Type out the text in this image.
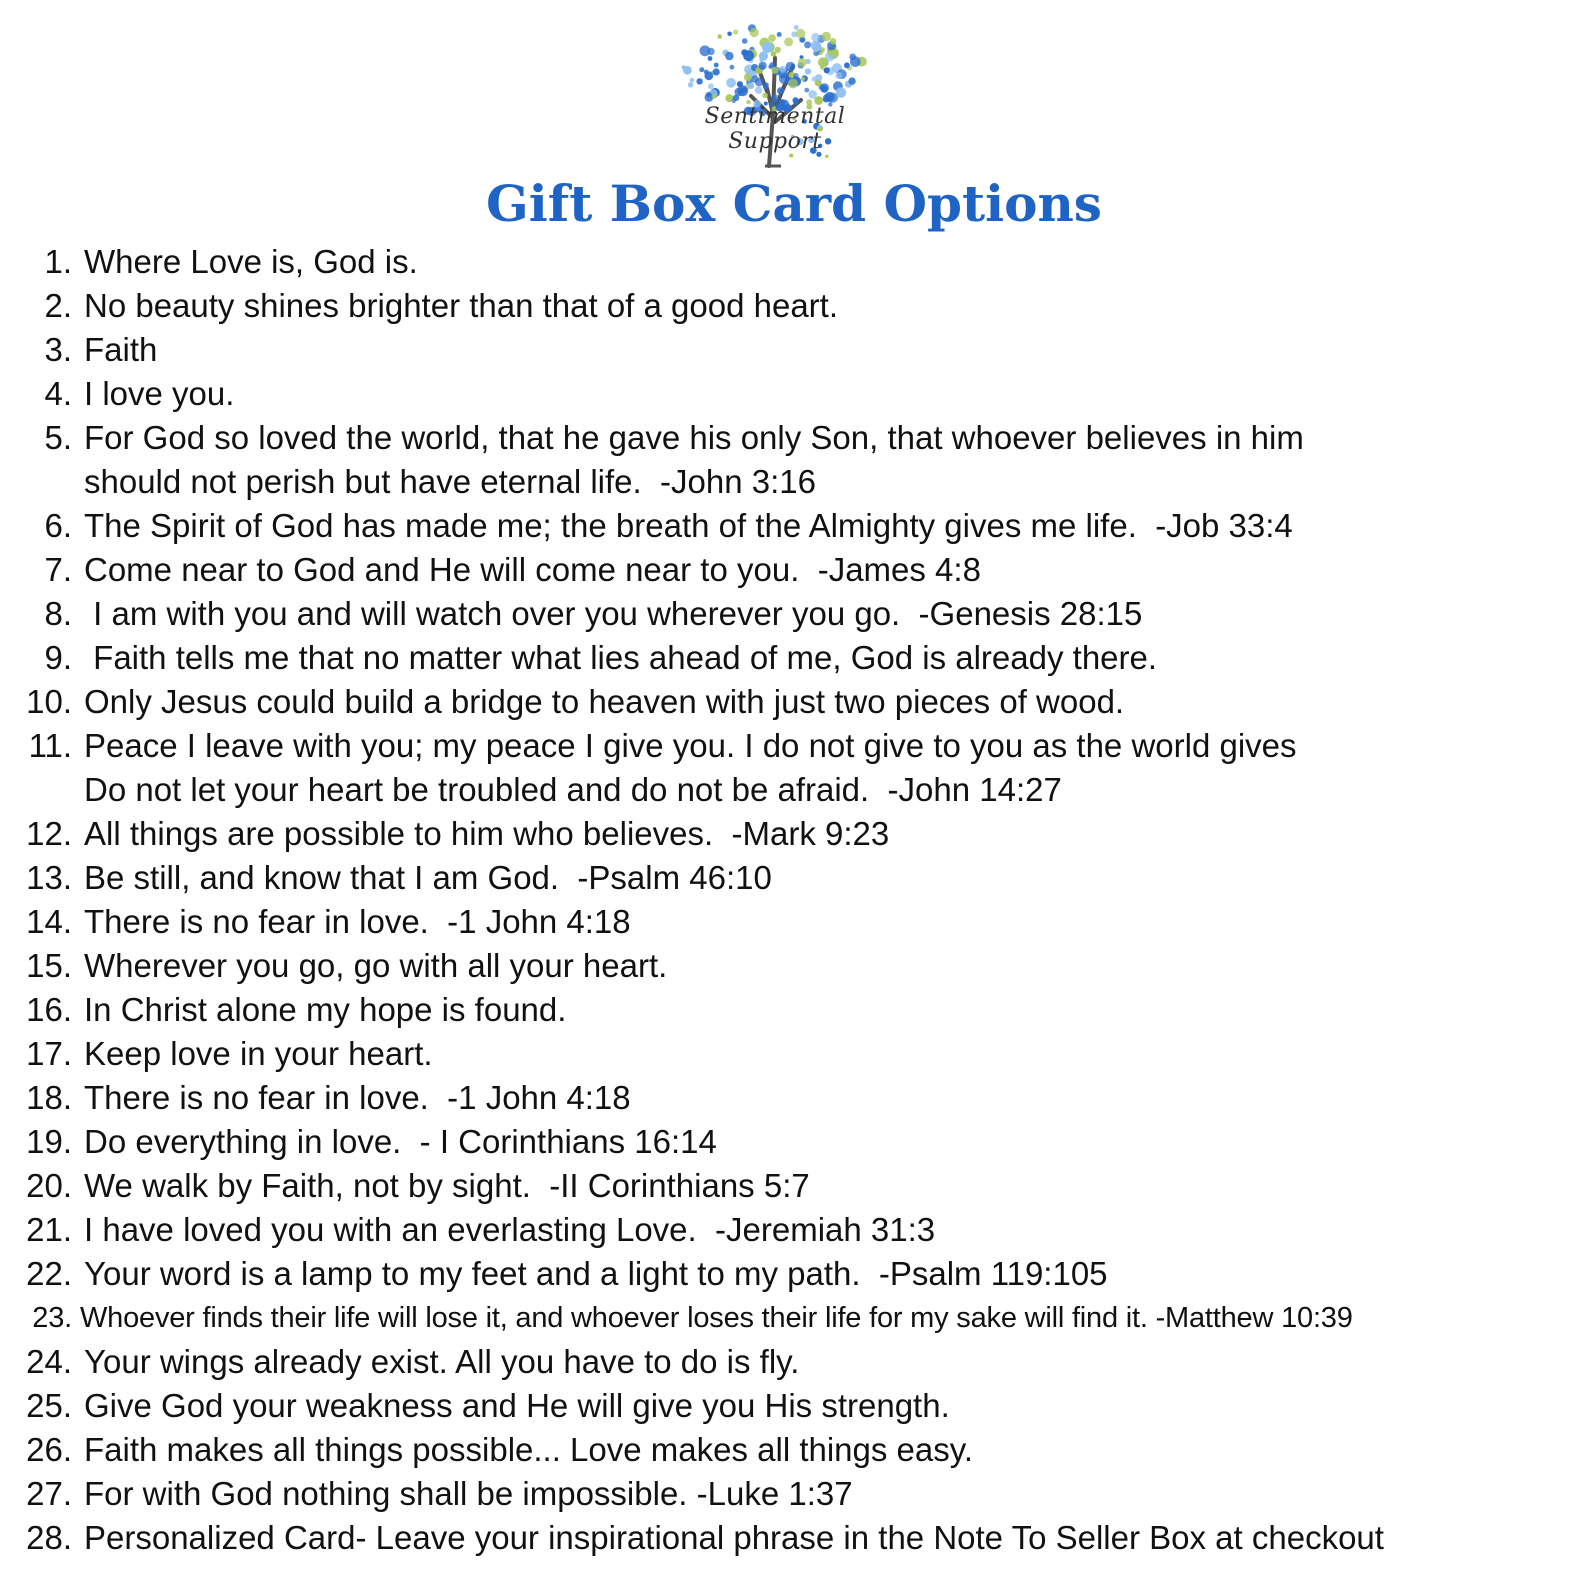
Sentimental Support
Gift Box Card Options
1. Where Love is, God is.
2. No beauty shines brighter than that of a good heart.
3. Faith
4. I love you.
5. For God so loved the world, that he gave his only Son, that whoever believes in him
should not perish but have eternal life.  -John 3:16
6. The Spirit of God has made me; the breath of the Almighty gives me life.  -Job 33:4
7. Come near to God and He will come near to you.  -James 4:8
8. I am with you and will watch over you wherever you go.  -Genesis 28:15
9. Faith tells me that no matter what lies ahead of me, God is already there.
10. Only Jesus could build a bridge to heaven with just two pieces of wood.
11. Peace I leave with you; my peace I give you. I do not give to you as the world gives
Do not let your heart be troubled and do not be afraid.  -John 14:27
12. All things are possible to him who believes.  -Mark 9:23
13. Be still, and know that I am God.  -Psalm 46:10
14. There is no fear in love.  -1 John 4:18
15. Wherever you go, go with all your heart.
16. In Christ alone my hope is found.
17. Keep love in your heart.
18. There is no fear in love.  -1 John 4:18
19. Do everything in love.  - I Corinthians 16:14
20. We walk by Faith, not by sight.  -II Corinthians 5:7
21. I have loved you with an everlasting Love.  -Jeremiah 31:3
22. Your word is a lamp to my feet and a light to my path.  -Psalm 119:105
23. Whoever finds their life will lose it, and whoever loses their life for my sake will find it. -Matthew 10:39
24. Your wings already exist. All you have to do is fly.
25. Give God your weakness and He will give you His strength.
26. Faith makes all things possible... Love makes all things easy.
27. For with God nothing shall be impossible. -Luke 1:37
28. Personalized Card- Leave your inspirational phrase in the Note To Seller Box at checkout
